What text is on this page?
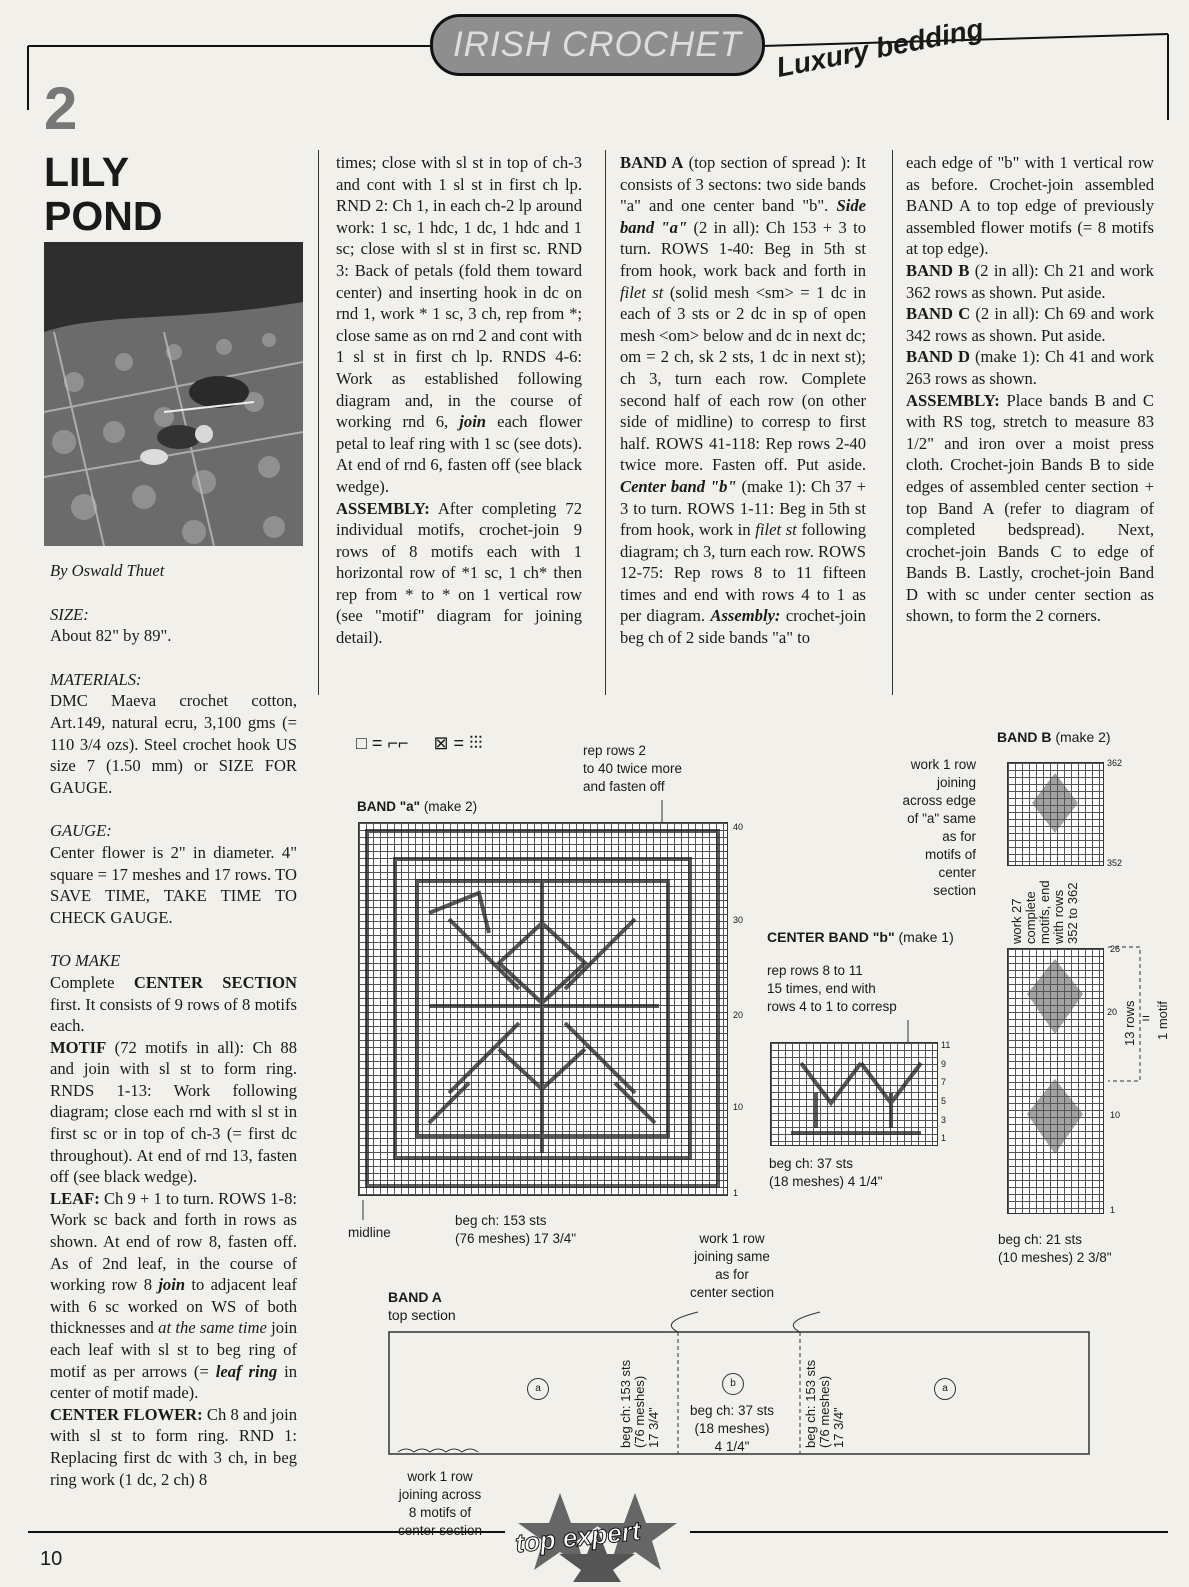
IRISH CROCHET Luxury bedding
2
LILY
POND

By Oswald Thuet

SIZE:

About 82" by 89".

MATERIALS:

DMC Maeva crochet cotton, Art.149, natural ecru, 3,100 gms (= 110 3/4 ozs). Steel crochet hook US size 7 (1.50 mm) or SIZE FOR GAUGE.

GAUGE:

Center flower is 2" in diameter. 4" square = 17 meshes and 17 rows. TO SAVE TIME, TAKE TIME TO CHECK GAUGE.

TO MAKE

Complete CENTER SECTION first. It consists of 9 rows of 8 motifs each.

MOTIF (72 motifs in all): Ch 88 and join with sl st to form ring. RNDS 1-13: Work following diagram; close each rnd with sl st in first sc or in top of ch-3 (= first dc throughout). At end of rnd 13, fasten off (see black wedge).

LEAF: Ch 9 + 1 to turn. ROWS 1-8: Work sc back and forth in rows as shown. At end of row 8, fasten off. As of 2nd leaf, in the course of working row 8 join to adjacent leaf with 6 sc worked on WS of both thicknesses and at the same time join each leaf with sl st to beg ring of motif as per arrows (= leaf ring in center of motif made).

CENTER FLOWER: Ch 8 and join with sl st to form ring. RND 1: Replacing first dc with 3 ch, in beg ring work (1 dc, 2 ch) 8

times; close with sl st in top of ch-3 and cont with 1 sl st in first ch lp. RND 2: Ch 1, in each ch-2 lp around work: 1 sc, 1 hdc, 1 dc, 1 hdc and 1 sc; close with sl st in first sc. RND 3: Back of petals (fold them toward center) and inserting hook in dc on rnd 1, work * 1 sc, 3 ch, rep from *; close same as on rnd 2 and cont with 1 sl st in first ch lp. RNDS 4-6: Work as established following diagram and, in the course of working rnd 6, join each flower petal to leaf ring with 1 sc (see dots). At end of rnd 6, fasten off (see black wedge).

ASSEMBLY: After completing 72 individual motifs, crochet-join 9 rows of 8 motifs each with 1 horizontal row of *1 sc, 1 ch* then rep from * to * on 1 vertical row (see "motif" diagram for joining detail).

BAND A (top section of spread ): It consists of 3 sectons: two side bands "a" and one center band "b". Side band "a" (2 in all): Ch 153 + 3 to turn. ROWS 1-40: Beg in 5th st from hook, work back and forth in filet st (solid mesh <sm> = 1 dc in each of 3 sts or 2 dc in sp of open mesh <om> below and dc in next dc; om = 2 ch, sk 2 sts, 1 dc in next st); ch 3, turn each row. Complete second half of each row (on other side of midline) to corresp to first half. ROWS 41-118: Rep rows 2-40 twice more. Fasten off. Put aside. Center band "b" (make 1): Ch 37 + 3 to turn. ROWS 1-11: Beg in 5th st from hook, work in filet st following diagram; ch 3, turn each row. ROWS 12-75: Rep rows 8 to 11 fifteen times and end with rows 4 to 1 as per diagram. Assembly: crochet-join beg ch of 2 side bands "a" to

each edge of "b" with 1 vertical row as before. Crochet-join assembled BAND A to top edge of previously assembled flower motifs (= 8 motifs at top edge).

BAND B (2 in all): Ch 21 and work 362 rows as shown. Put aside.

BAND C (2 in all): Ch 69 and work 342 rows as shown. Put aside.

BAND D (make 1): Ch 41 and work 263 rows as shown.

ASSEMBLY: Place bands B and C with RS tog, stretch to measure 83 1/2" and iron over a moist press cloth. Crochet-join Bands B to side edges of assembled center section + top Band A (refer to diagram of completed bedspread). Next, crochet-join Bands C to edge of Bands B. Lastly, crochet-join Band D with sc under center section as shown, to form the 2 corners.

□ = ⌐⌐ ⊠ = ⫶⫶⫶	rep rows 2
to 40 twice more
and fasten off
BAND "a" (make 2)
40
30
20
10
1
midline
beg ch: 153 sts
(76 meshes) 17 3/4"
CENTER BAND "b" (make 1)
rep rows 8 to 11
15 times, end with
rows 4 to 1 to corresp
11
9
7
5
3
1
beg ch: 37 sts
(18 meshes) 4 1/4"
BAND B (make 2)
work 1 row
joining
across edge
of "a" same
as for
motifs of
center
section
362
352
work 27 complete motifs, end with rows 352 to 362
26
20
10
1
13 rows = 1 motif
beg ch: 21 sts
(10 meshes) 2 3/8"
BAND A
top section
work 1 row
joining same
as for
center section
a	b	a
beg ch: 153 sts (76 meshes) 17 3/4" beg ch: 37 sts
(18 meshes)
4 1/4"	beg ch: 153 sts (76 meshes) 17 3/4"
work 1 row
joining across
8 motifs of
center section
10
top expert
